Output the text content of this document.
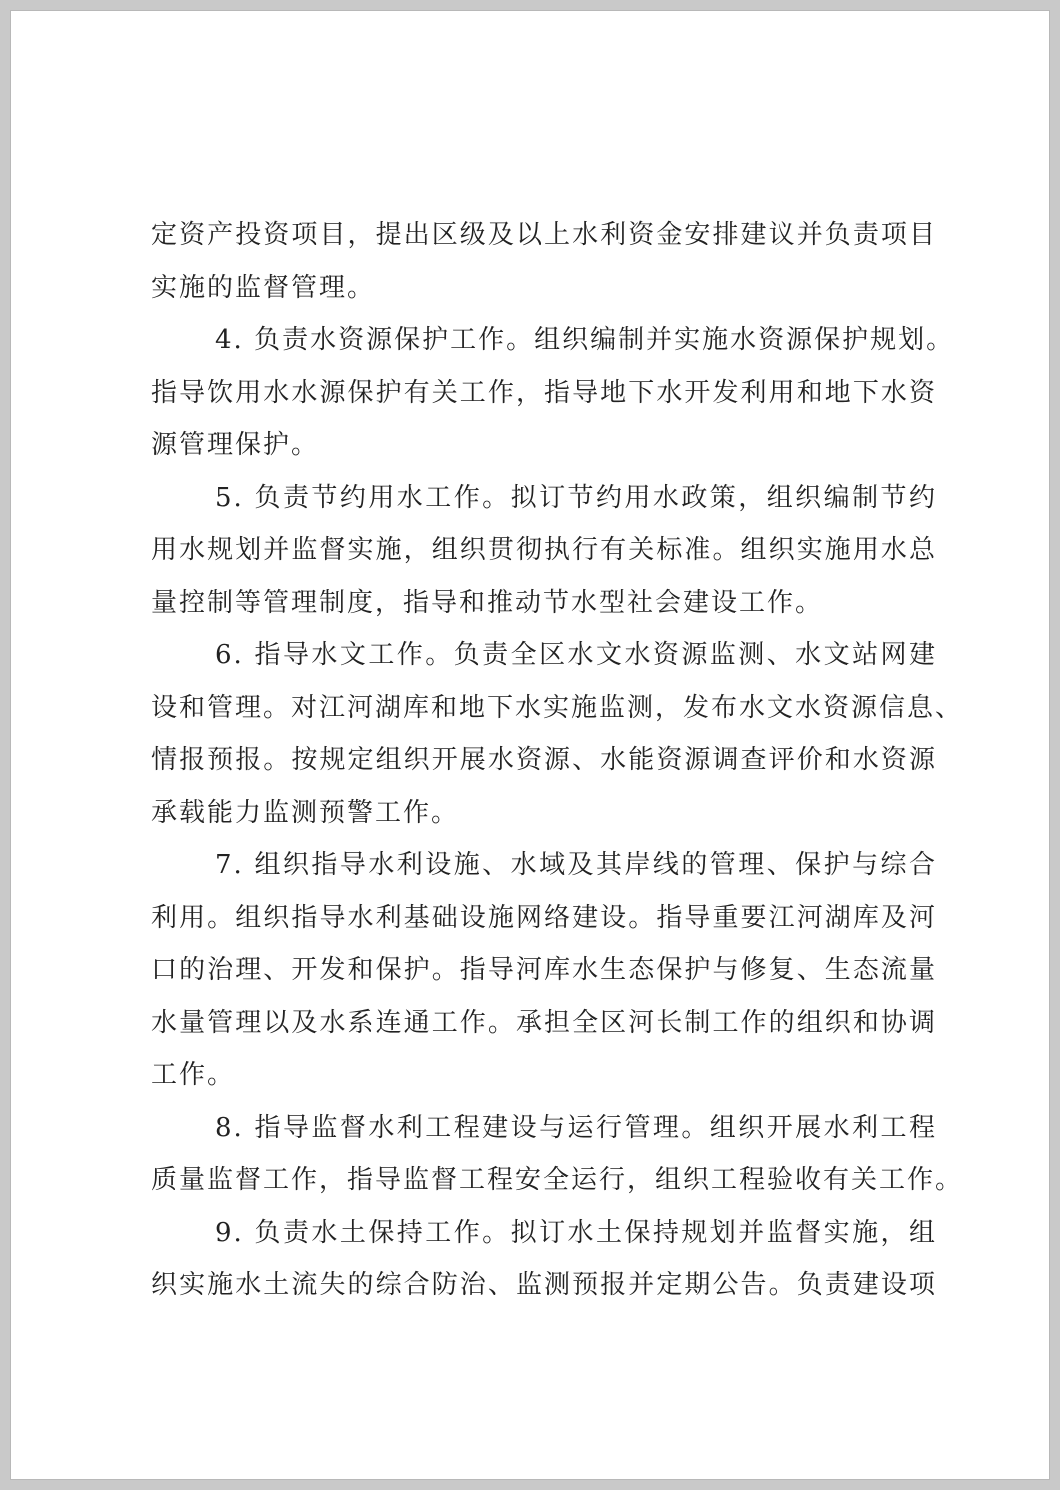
定资产投资项目，提出区级及以上水利资金安排建议并负责项目
实施的监督管理。
4. 负责水资源保护工作。组织编制并实施水资源保护规划。
指导饮用水水源保护有关工作，指导地下水开发利用和地下水资
源管理保护。
5. 负责节约用水工作。拟订节约用水政策，组织编制节约
用水规划并监督实施，组织贯彻执行有关标准。组织实施用水总
量控制等管理制度，指导和推动节水型社会建设工作。
6. 指导水文工作。负责全区水文水资源监测、水文站网建
设和管理。对江河湖库和地下水实施监测，发布水文水资源信息、
情报预报。按规定组织开展水资源、水能资源调查评价和水资源
承载能力监测预警工作。
7. 组织指导水利设施、水域及其岸线的管理、保护与综合
利用。组织指导水利基础设施网络建设。指导重要江河湖库及河
口的治理、开发和保护。指导河库水生态保护与修复、生态流量
水量管理以及水系连通工作。承担全区河长制工作的组织和协调
工作。
8. 指导监督水利工程建设与运行管理。组织开展水利工程
质量监督工作，指导监督工程安全运行，组织工程验收有关工作。
9. 负责水土保持工作。拟订水土保持规划并监督实施，组
织实施水土流失的综合防治、监测预报并定期公告。负责建设项
